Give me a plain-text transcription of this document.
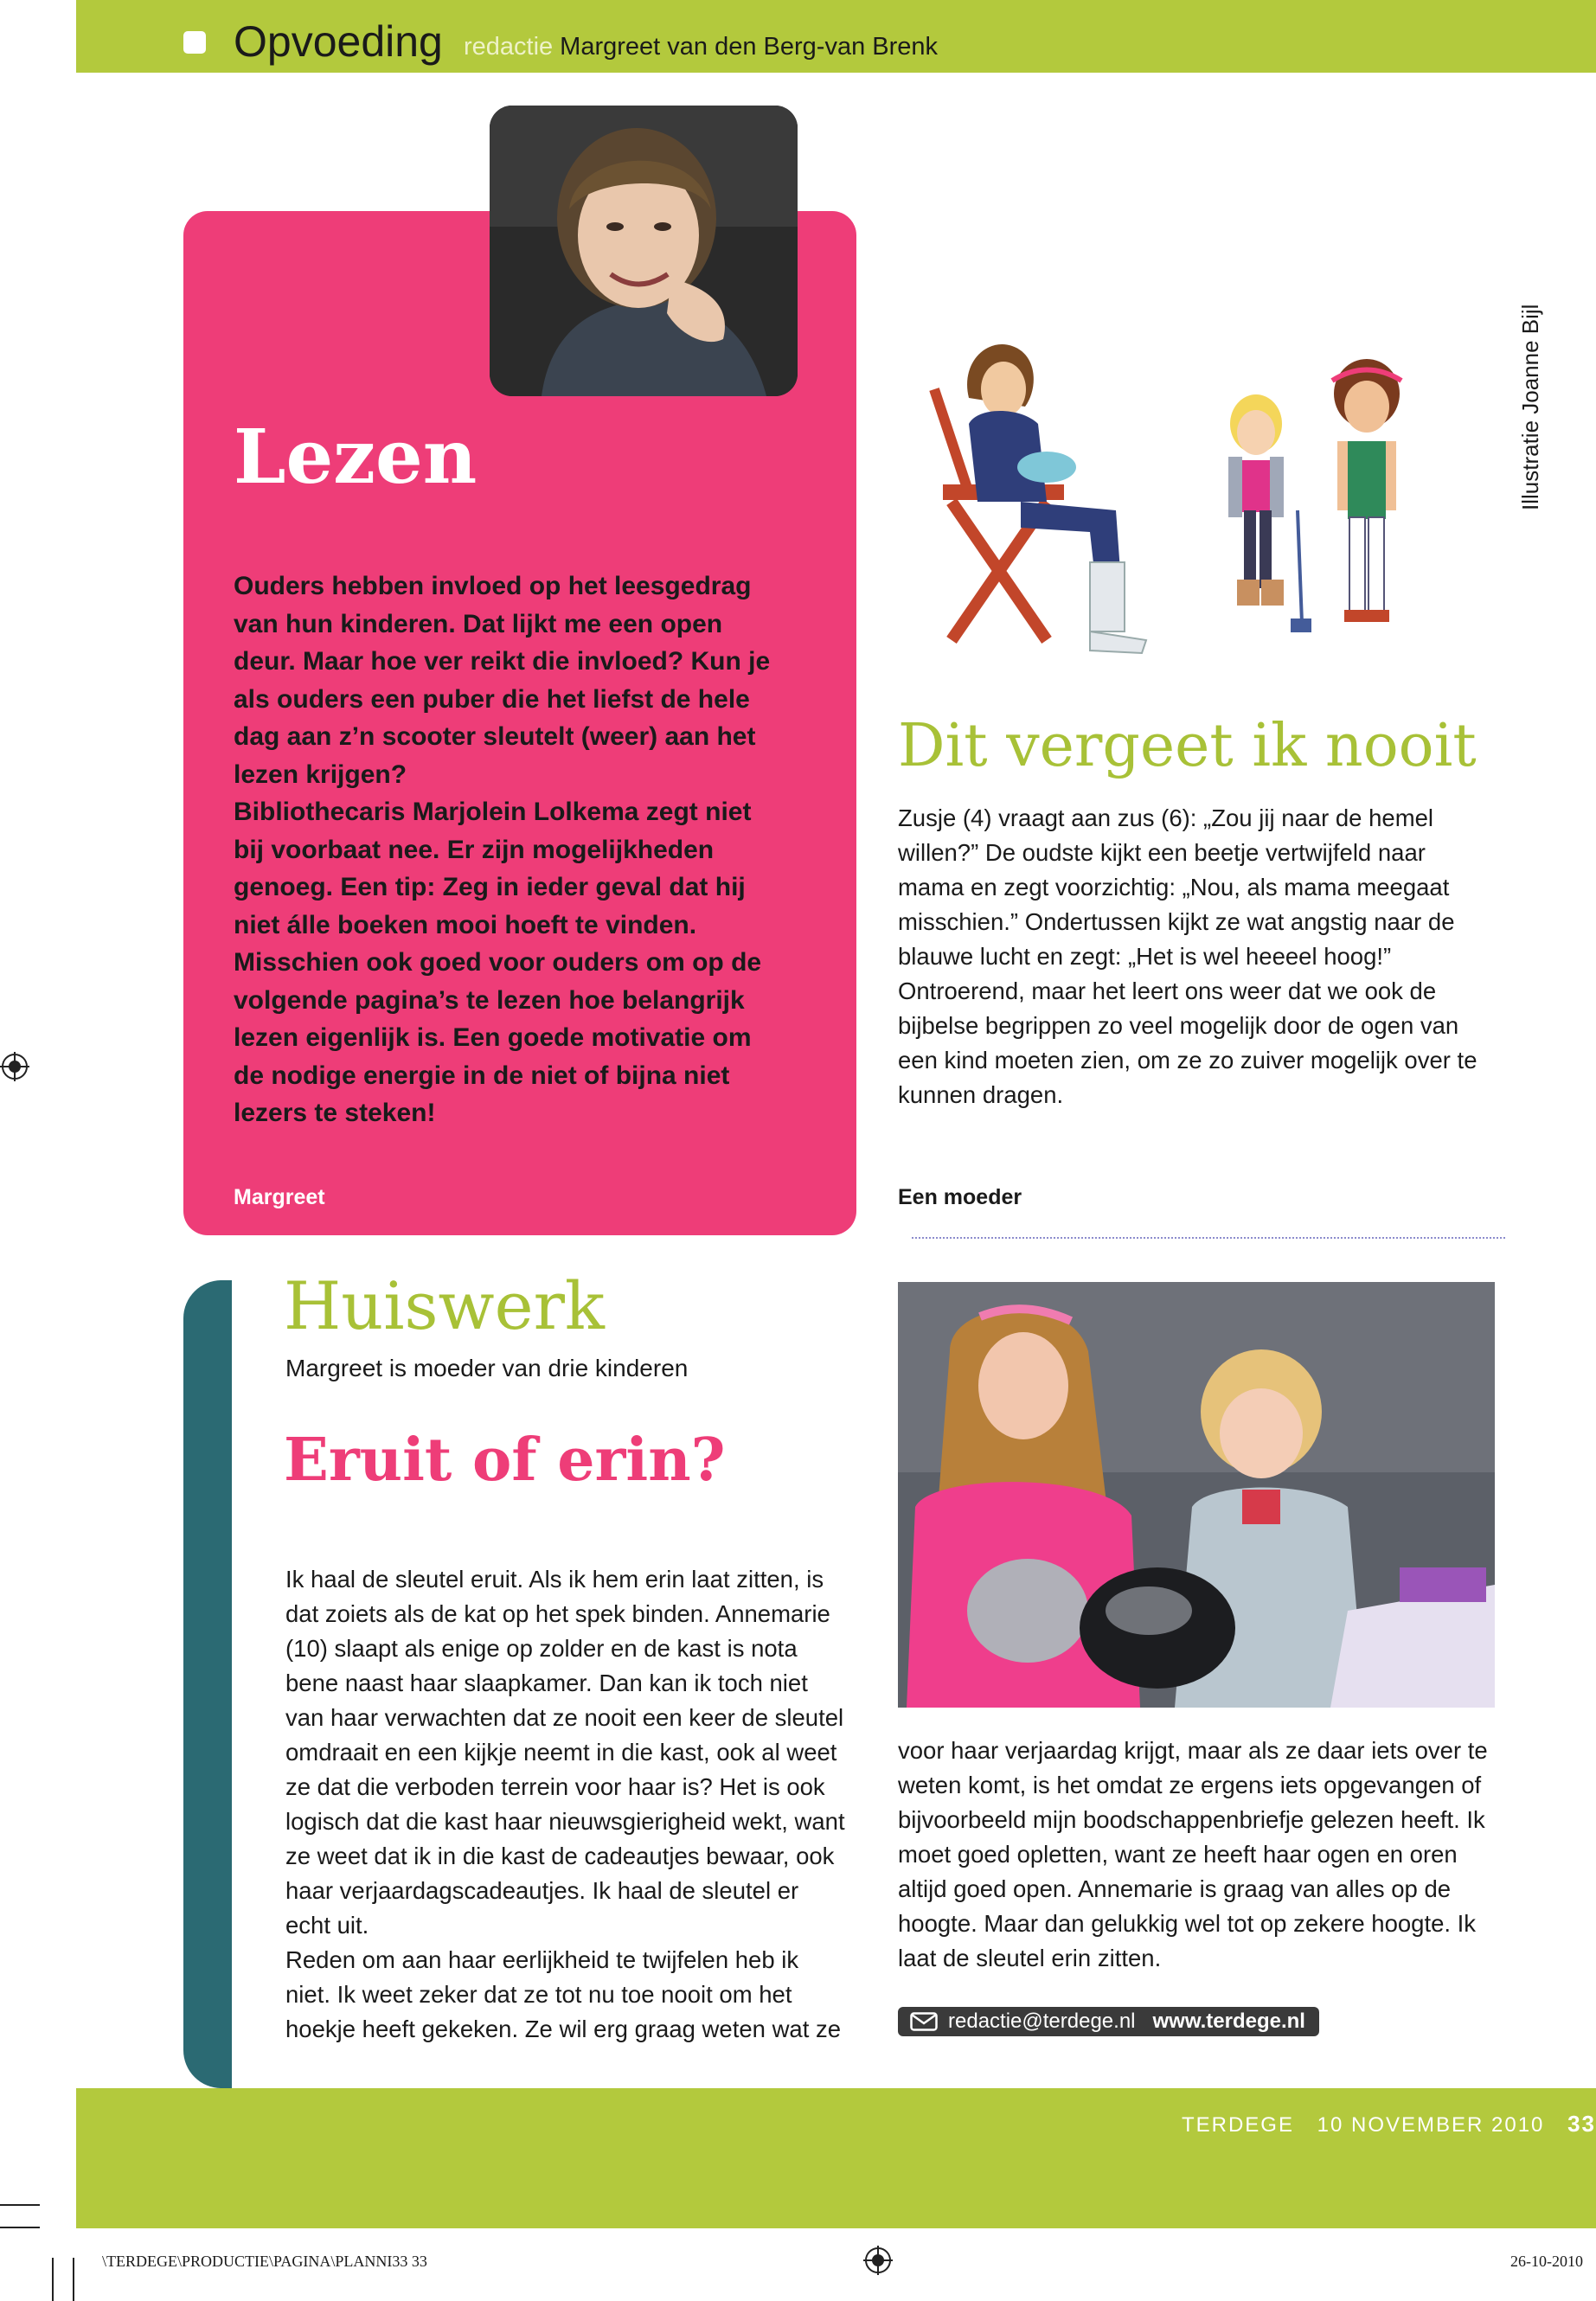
Opvoeding redactie Margreet van den Berg-van Brenk
Lezen

Ouders hebben invloed op het leesgedrag van hun kinderen. Dat lijkt me een open deur. Maar hoe ver reikt die invloed? Kun je als ouders een puber die het liefst de hele dag aan z’n scooter sleutelt (weer) aan het lezen krijgen?

Bibliothecaris Marjolein Lolkema zegt niet bij voorbaat nee. Er zijn mogelijkheden genoeg. Een tip: Zeg in ieder geval dat hij niet álle boeken mooi hoeft te vinden. Misschien ook goed voor ouders om op de volgende pagina’s te lezen hoe belangrijk lezen eigenlijk is. Een goede motivatie om de nodige energie in de niet of bijna niet lezers te steken!

Margreet
Illustratie Joanne Bijl
Dit vergeet ik nooit
Zusje (4) vraagt aan zus (6): „Zou jij naar de hemel willen?” De oudste kijkt een beetje vertwijfeld naar mama en zegt voorzichtig: „Nou, als mama meegaat misschien.” Ondertussen kijkt ze wat angstig naar de blauwe lucht en zegt: „Het is wel heeeel hoog!” Ontroerend, maar het leert ons weer dat we ook de bijbelse begrippen zo veel mogelijk door de ogen van een kind moeten zien, om ze zo zuiver mogelijk over te kunnen dragen.
Een moeder
Huiswerk
Margreet is moeder van drie kinderen
Eruit of erin?

Ik haal de sleutel eruit. Als ik hem erin laat zitten, is dat zoiets als de kat op het spek binden. Annemarie (10) slaapt als enige op zolder en de kast is nota bene naast haar slaapkamer. Dan kan ik toch niet van haar verwachten dat ze nooit een keer de sleutel omdraait en een kijkje neemt in die kast, ook al weet ze dat die verboden terrein voor haar is? Het is ook logisch dat die kast haar nieuwsgierigheid wekt, want ze weet dat ik in die kast de cadeautjes bewaar, ook haar verjaardagscadeautjes. Ik haal de sleutel er echt uit.

Reden om aan haar eerlijkheid te twijfelen heb ik niet. Ik weet zeker dat ze tot nu toe nooit om het hoekje heeft gekeken. Ze wil erg graag weten wat ze

voor haar verjaardag krijgt, maar als ze daar iets over te weten komt, is het omdat ze ergens iets opgevangen of bijvoorbeeld mijn boodschappenbriefje gelezen heeft. Ik moet goed opletten, want ze heeft haar ogen en oren altijd goed open. Annemarie is graag van alles op de hoogte. Maar dan gelukkig wel tot op zekere hoogte. Ik laat de sleutel erin zitten.
redactie@terdege.nl www.terdege.nl
TERDEGE 10 NOVEMBER 2010 33
\TERDEGE\PRODUCTIE\PAGINA\PLANNI33 33	26-10-2010
